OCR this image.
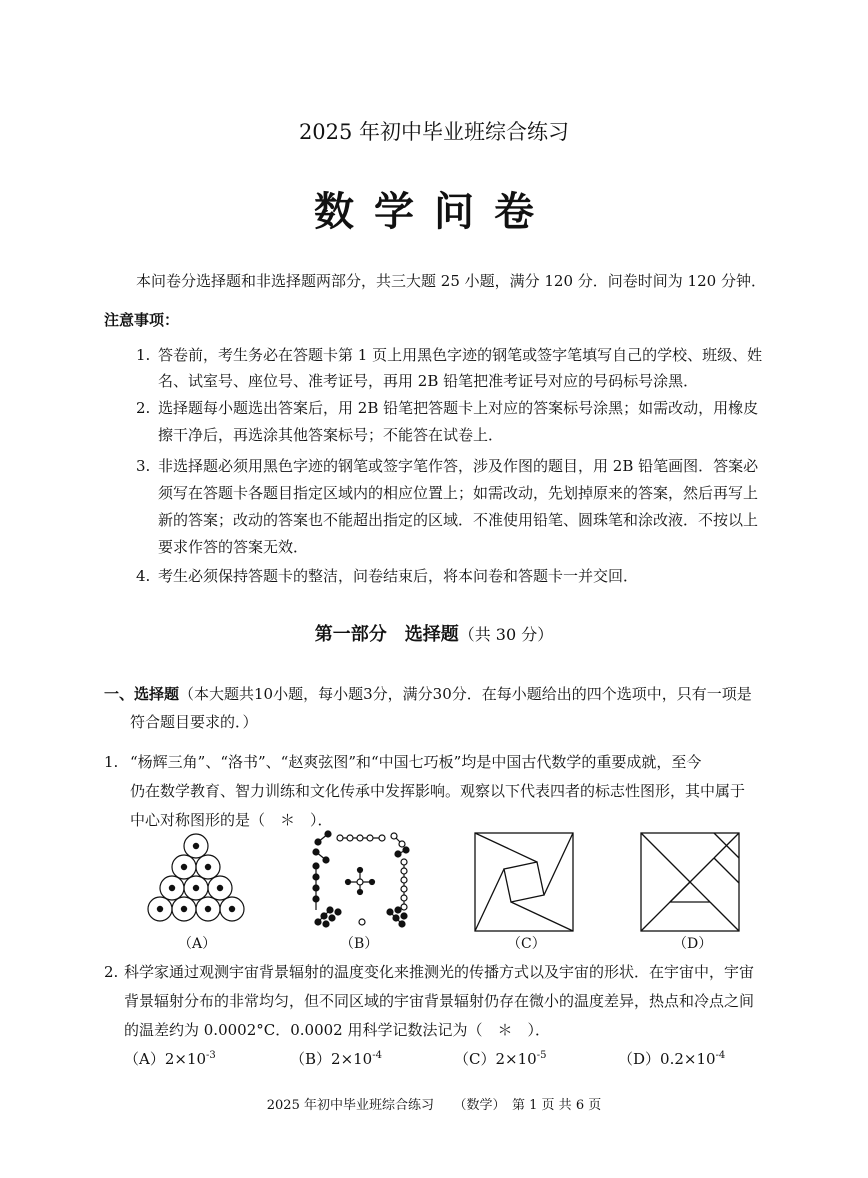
2025 年初中毕业班综合练习
数学问卷
本问卷分选择题和非选择题两部分，共三大题 25 小题，满分 120 分．问卷时间为 120 分钟．
注意事项：
1. 答卷前，考生务必在答题卡第 1 页上用黑色字迹的钢笔或签字笔填写自己的学校、班级、姓
名、试室号、座位号、准考证号，再用 2B 铅笔把准考证号对应的号码标号涂黑．
2. 选择题每小题选出答案后，用 2B 铅笔把答题卡上对应的答案标号涂黑；如需改动，用橡皮
擦干净后，再选涂其他答案标号；不能答在试卷上．
3. 非选择题必须用黑色字迹的钢笔或签字笔作答，涉及作图的题目，用 2B 铅笔画图．答案必
须写在答题卡各题目指定区域内的相应位置上；如需改动，先划掉原来的答案，然后再写上
新的答案；改动的答案也不能超出指定的区域．不准使用铅笔、圆珠笔和涂改液．不按以上
要求作答的答案无效．
4. 考生必须保持答题卡的整洁，问卷结束后，将本问卷和答题卡一并交回．
第一部分　选择题（共 30 分）
一、选择题（本大题共10小题，每小题3分，满分30分．在每小题给出的四个选项中，只有一项是
符合题目要求的．）
1. “杨辉三角”、“洛书”、“赵爽弦图”和“中国七巧板”均是中国古代数学的重要成就，至今
仍在数学教育、智力训练和文化传承中发挥影响。观察以下代表四者的标志性图形，其中属于
中心对称图形的是（　＊　）．
（A）	（B）	（C）	（D）
2. 科学家通过观测宇宙背景辐射的温度变化来推测光的传播方式以及宇宙的形状．在宇宙中，宇宙
背景辐射分布的非常均匀，但不同区域的宇宙背景辐射仍存在微小的温度差异，热点和冷点之间
的温差约为 0.0002°C．0.0002 用科学记数法记为（　＊　）．
$(A)2\times 10^{-3}$	$(B)2\times 10^{-4}$	$(C)2\times 10^{-5}$	$(D)0.2\times 10^{-4}$
2025 年初中毕业班综合练习　　 （数学）　 第 1 页 共 6 页
